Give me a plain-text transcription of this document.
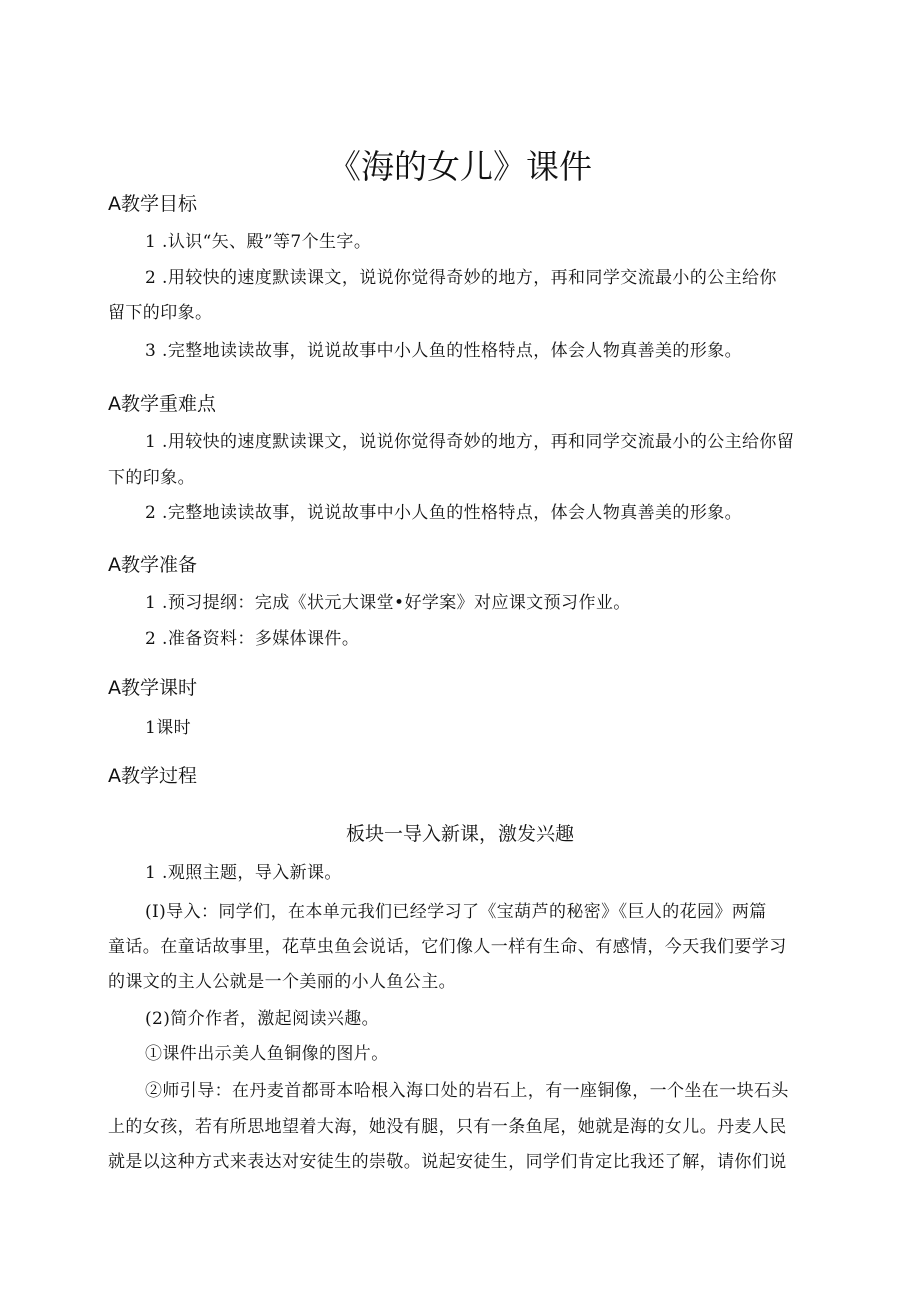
《海的女儿》课件
A教学目标
1 .认识“矢、殿”等7个生字。
2 .用较快的速度默读课文，说说你觉得奇妙的地方，再和同学交流最小的公主给你
留下的印象。
3 .完整地读读故事，说说故事中小人鱼的性格特点，体会人物真善美的形象。
A教学重难点
1 .用较快的速度默读课文，说说你觉得奇妙的地方，再和同学交流最小的公主给你留
下的印象。
2 .完整地读读故事，说说故事中小人鱼的性格特点，体会人物真善美的形象。
A教学准备
1 .预习提纲：完成《状元大课堂•好学案》对应课文预习作业。
2 .准备资料：多媒体课件。
A教学课时
1课时
A教学过程
板块一导入新课，激发兴趣
1 .观照主题，导入新课。
(I)导入：同学们，在本单元我们已经学习了《宝葫芦的秘密》《巨人的花园》两篇
童话。在童话故事里，花草虫鱼会说话，它们像人一样有生命、有感情，今天我们要学习
的课文的主人公就是一个美丽的小人鱼公主。
(2)简介作者，激起阅读兴趣。
①课件出示美人鱼铜像的图片。
②师引导：在丹麦首都哥本哈根入海口处的岩石上，有一座铜像，一个坐在一块石头
上的女孩，若有所思地望着大海，她没有腿，只有一条鱼尾，她就是海的女儿。丹麦人民
就是以这种方式来表达对安徒生的崇敬。说起安徒生，同学们肯定比我还了解，请你们说
